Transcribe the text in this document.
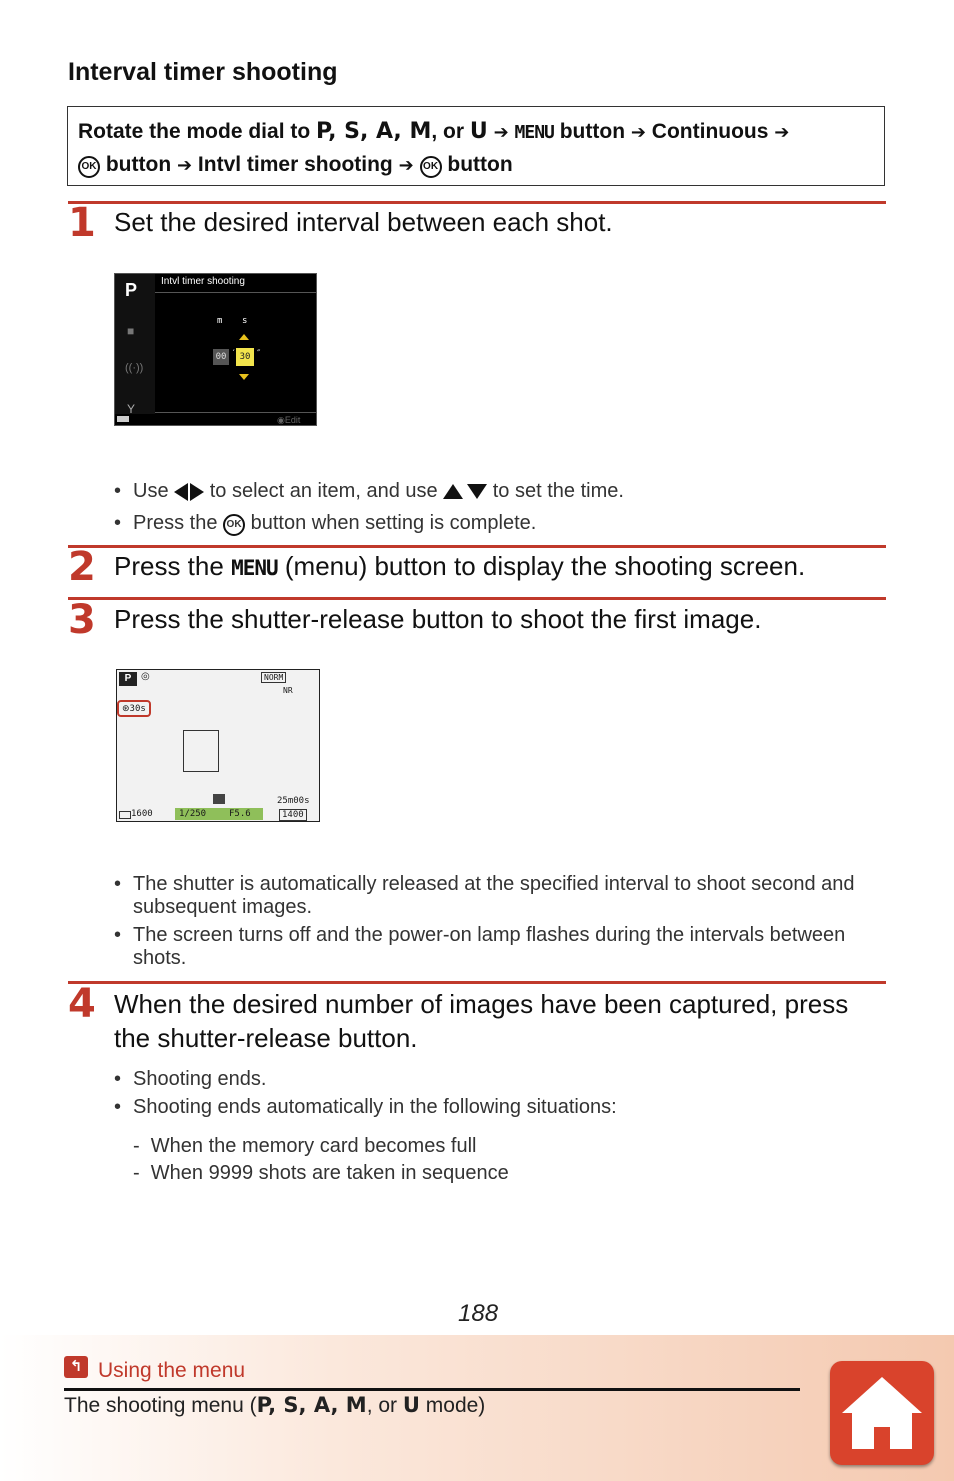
Interval timer shooting
Rotate the mode dial to P, S, A, M, or U ➔ MENU button ➔ Continuous ➔
OK button ➔ Intvl timer shooting ➔ OK button
1 Set the desired interval between each shot.
P
■
((·))
Y
Intvl timer shooting
m s
00 ′ 30 ″
◉Edit
• Use to select an item, and use	to set the time.
• Press the OK button when setting is complete.
2 Press the MENU (menu) button to display the shooting screen.
3 Press the shutter-release button to shoot the first image.
P ◎	NORM
NR
⊛30s
25m00s
1600	1/250	F5.6	1400
• The shutter is automatically released at the specified interval to shoot second and
subsequent images.
• The screen turns off and the power-on lamp flashes during the intervals between
shots.
4 When the desired number of images have been captured, press
the shutter-release button.
• Shooting ends.
• Shooting ends automatically in the following situations:
-  When the memory card becomes full
-  When 9999 shots are taken in sequence
188
↰ Using the menu
The shooting menu (P, S, A, M, or U mode)
